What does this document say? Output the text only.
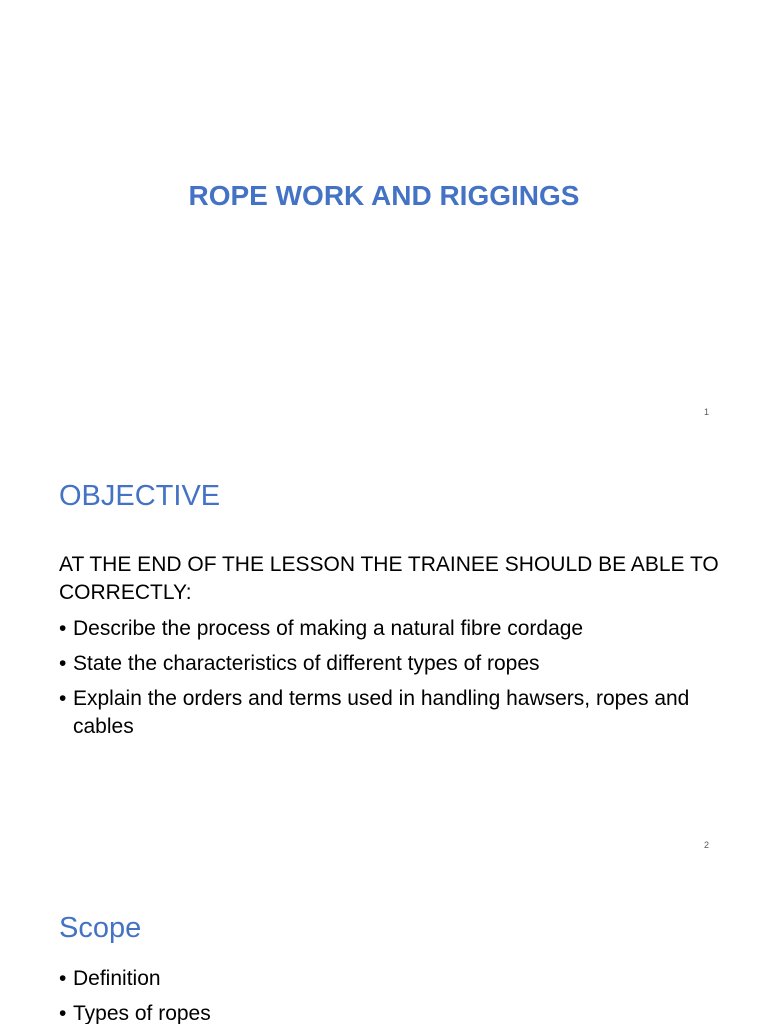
ROPE WORK AND RIGGINGS
1
OBJECTIVE

AT THE END OF THE LESSON THE TRAINEE SHOULD BE ABLE TO CORRECTLY:

• Describe the process of making a natural fibre cordage
• State the characteristics of different types of ropes
• Explain the orders and terms used in handling hawsers, ropes and cables
2
Scope
• Definition
• Types of ropes
